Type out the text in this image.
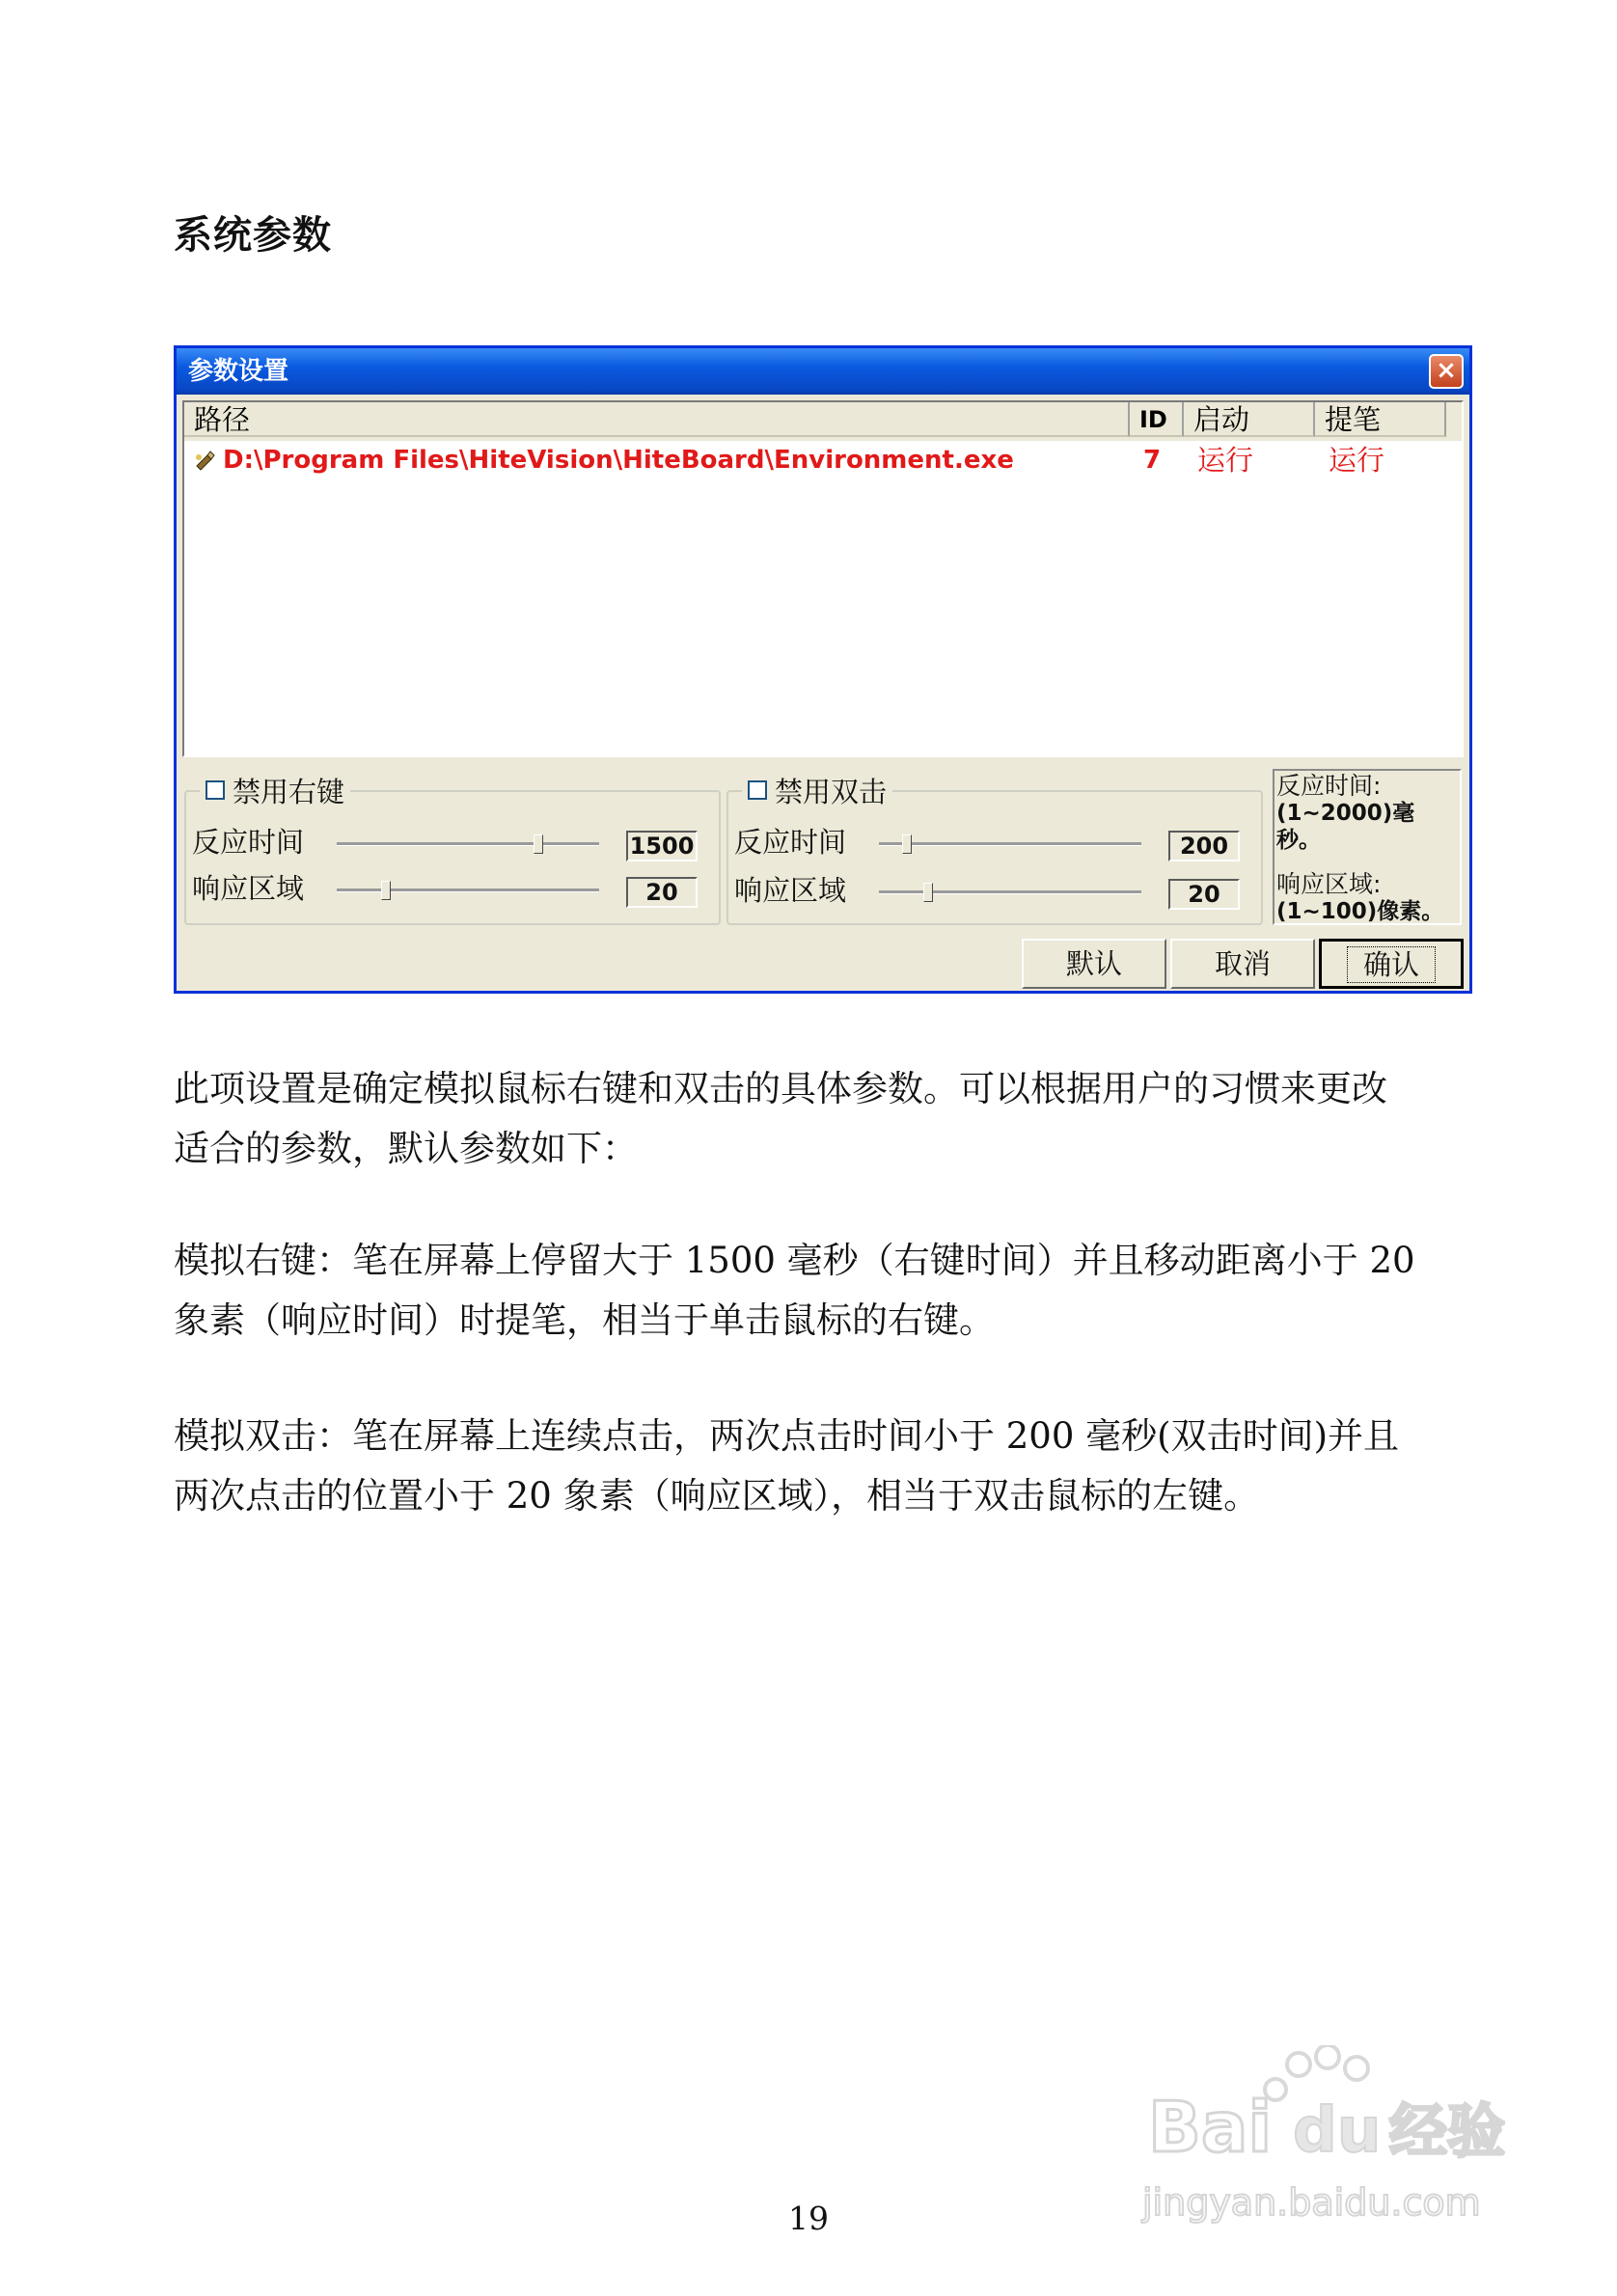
系统参数
参数设置	×
路径	ID 启动	提笔
D:\Program Files\HiteVision\HiteBoard\Environment.exe	7 运行	运行
禁用右键
反应时间	1500
响应区域	20
禁用双击
反应时间	200
响应区域	20
反应时间:
(1~2000)毫秒。
响应区域:
(1~100)像素。
默认	取消	确认
此项设置是确定模拟鼠标右键和双击的具体参数。可以根据用户的习惯来更改
适合的参数，默认参数如下：
模拟右键：笔在屏幕上停留大于 1500 毫秒（右键时间）并且移动距离小于 20
象素（响应时间）时提笔，相当于单击鼠标的右键。
模拟双击：笔在屏幕上连续点击，两次点击时间小于 200 毫秒(双击时间)并且
两次点击的位置小于 20 象素（响应区域），相当于双击鼠标的左键。
19
Bai du 经验
jingyan.baidu.com
